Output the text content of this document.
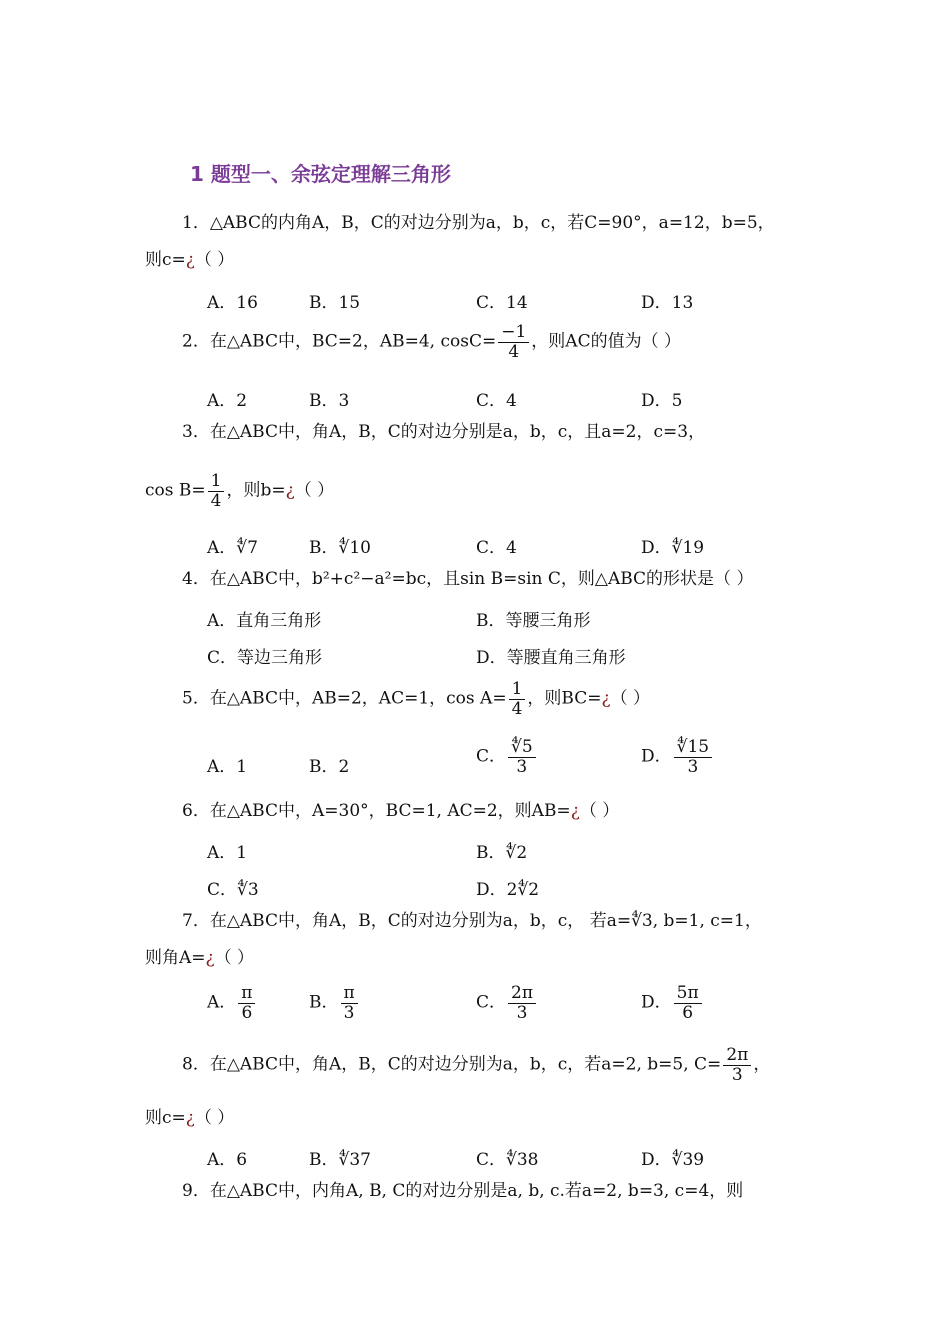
1 题型一、余弦定理解三角形
1．△ABC的内角A，B，C的对边分别为a，b，c，若C=90°，a=12，b=5，
则c=¿（ ）
A．16	B．15	C．14	D．13
2．在△ABC中，BC=2，AB=4, $\cos C= \frac{-1}{4}$ ，则AC的值为（ ）
A．2	B．3	C．4	D．5
3．在△ABC中，角A，B，C的对边分别是a，b，c，且a=2，c=3，
$\cos B= \frac{1}{4}$ ，则b=¿（ ）
A．∜7	B．∜10	C．4	D．∜19
4．在△ABC中，b²+c²−a²=bc，且sin B=sin C，则△ABC的形状是（ ）
A．直角三角形	B．等腰三角形
C．等边三角形	D．等腰直角三角形
5．在△ABC中，AB=2，AC=1，$\cos A= \frac{1}{4}$ ，则BC=¿（ ）
A．1	B．2
C． $\frac{∜5}{3}$	D． $\frac{∜15}{3}$
6．在△ABC中，A=30°，BC=1, AC=2，则AB=¿（ ）
A．1	B．∜2
C．∜3	D．2∜2
7．在△ABC中，角A，B，C的对边分别为a，b，c， 若a=∜3, b=1, c=1，
则角A=¿（ ）
A． $\frac{\pi}{6}$	B． $\frac{\pi}{3}$	C． $\frac{2\pi}{3}$	D． $\frac{5\pi}{6}$
8．在△ABC中，角A，B，C的对边分别为a，b，c，若a=2, b=5, $C= \frac{2\pi}{3}$ ，
则c=¿（ ）
A．6	B．∜37	C．∜38	D．∜39
9．在△ABC中，内角A, B, C的对边分别是a, b, c.若a=2, b=3, c=4，则
